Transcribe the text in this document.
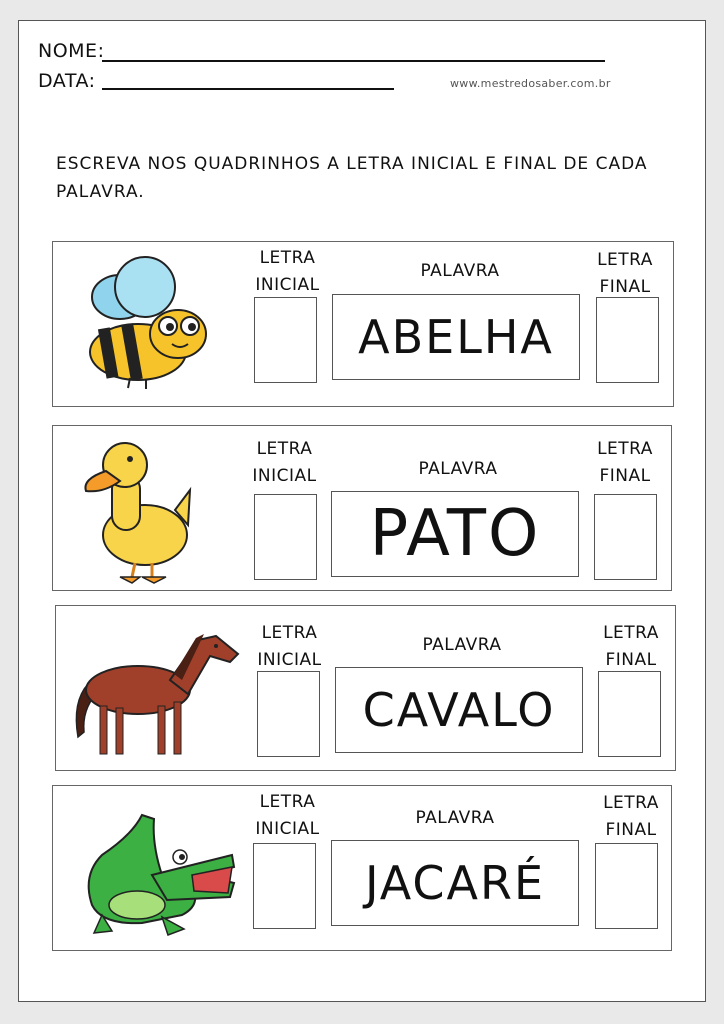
NOME:
DATA:	www.mestredosaber.com.br
ESCREVA NOS QUADRINHOS A LETRA INICIAL E FINAL DE CADA PALAVRA.
LETRA INICIAL
PALAVRA
LETRA FINAL
ABELHA
LETRA INICIAL	PALAVRA
LETRA FINAL
PATO
LETRA INICIAL
PALAVRA
LETRA FINAL
CAVALO
LETRA INICIAL
PALAVRA
LETRA FINAL
JACARÉ
